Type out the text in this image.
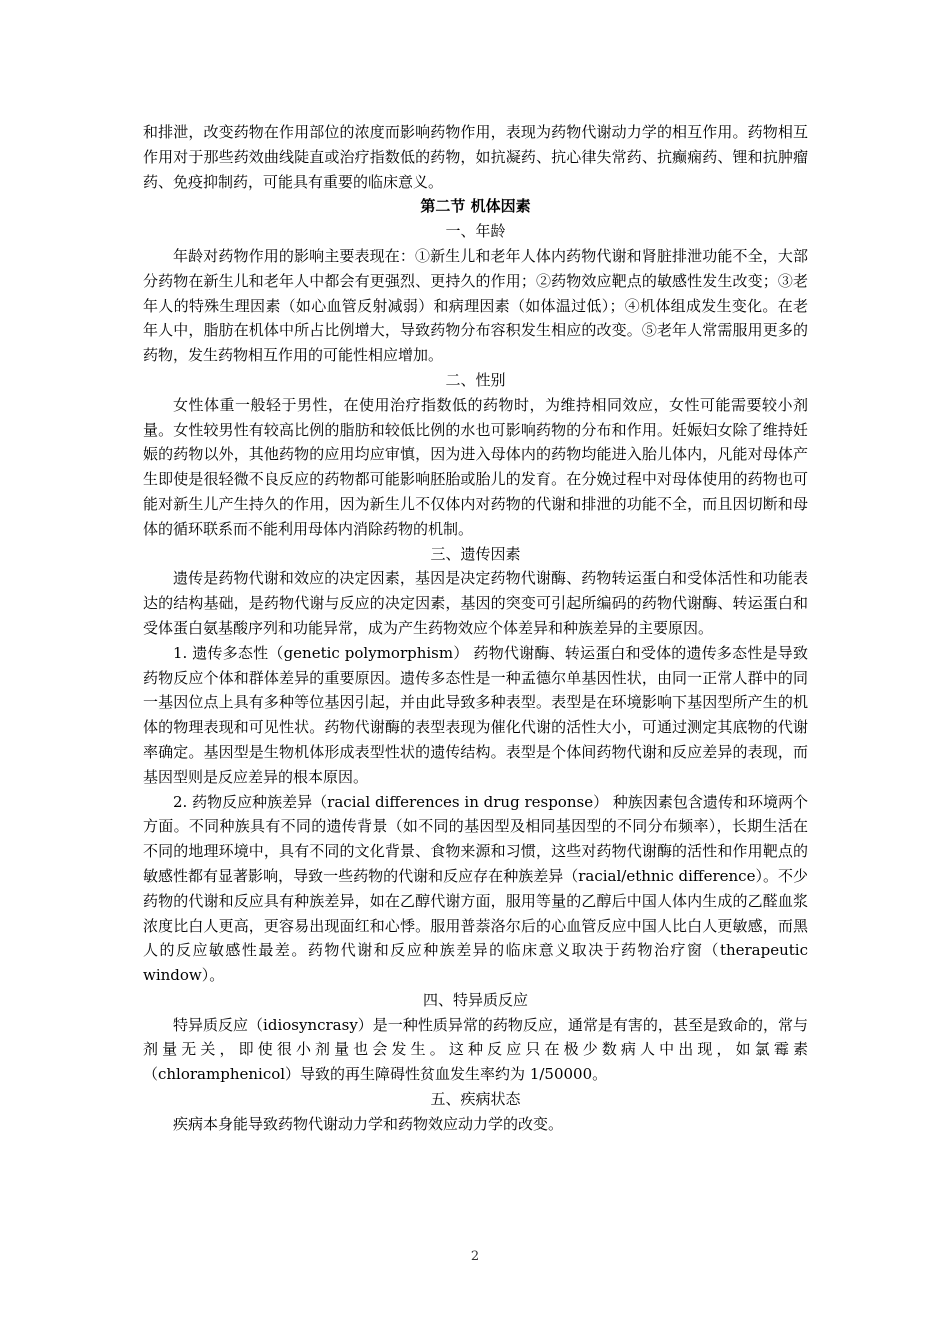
和排泄，改变药物在作用部位的浓度而影响药物作用，表现为药物代谢动力学的相互作用。药物相互作用对于那些药效曲线陡直或治疗指数低的药物，如抗凝药、抗心律失常药、抗癫痫药、锂和抗肿瘤药、免疫抑制药，可能具有重要的临床意义。

第二节 机体因素

一、年龄

年龄对药物作用的影响主要表现在：①新生儿和老年人体内药物代谢和肾脏排泄功能不全，大部分药物在新生儿和老年人中都会有更强烈、更持久的作用；②药物效应靶点的敏感性发生改变；③老年人的特殊生理因素（如心血管反射减弱）和病理因素（如体温过低）；④机体组成发生变化。在老年人中，脂肪在机体中所占比例增大，导致药物分布容积发生相应的改变。⑤老年人常需服用更多的药物，发生药物相互作用的可能性相应增加。

二、性别

女性体重一般轻于男性，在使用治疗指数低的药物时，为维持相同效应，女性可能需要较小剂量。女性较男性有较高比例的脂肪和较低比例的水也可影响药物的分布和作用。妊娠妇女除了维持妊娠的药物以外，其他药物的应用均应审慎，因为进入母体内的药物均能进入胎儿体内，凡能对母体产生即使是很轻微不良反应的药物都可能影响胚胎或胎儿的发育。在分娩过程中对母体使用的药物也可能对新生儿产生持久的作用，因为新生儿不仅体内对药物的代谢和排泄的功能不全，而且因切断和母体的循环联系而不能利用母体内消除药物的机制。

三、遗传因素

遗传是药物代谢和效应的决定因素，基因是决定药物代谢酶、药物转运蛋白和受体活性和功能表达的结构基础，是药物代谢与反应的决定因素，基因的突变可引起所编码的药物代谢酶、转运蛋白和受体蛋白氨基酸序列和功能异常，成为产生药物效应个体差异和种族差异的主要原因。

1. 遗传多态性（genetic polymorphism） 药物代谢酶、转运蛋白和受体的遗传多态性是导致药物反应个体和群体差异的重要原因。遗传多态性是一种孟德尔单基因性状，由同一正常人群中的同一基因位点上具有多种等位基因引起，并由此导致多种表型。表型是在环境影响下基因型所产生的机体的物理表现和可见性状。药物代谢酶的表型表现为催化代谢的活性大小，可通过测定其底物的代谢率确定。基因型是生物机体形成表型性状的遗传结构。表型是个体间药物代谢和反应差异的表现，而基因型则是反应差异的根本原因。

2. 药物反应种族差异（racial differences in drug response） 种族因素包含遗传和环境两个方面。不同种族具有不同的遗传背景（如不同的基因型及相同基因型的不同分布频率），长期生活在不同的地理环境中，具有不同的文化背景、食物来源和习惯，这些对药物代谢酶的活性和作用靶点的敏感性都有显著影响，导致一些药物的代谢和反应存在种族差异（racial/ethnic difference）。不少药物的代谢和反应具有种族差异，如在乙醇代谢方面，服用等量的乙醇后中国人体内生成的乙醛血浆浓度比白人更高，更容易出现面红和心悸。服用普萘洛尔后的心血管反应中国人比白人更敏感，而黑人的反应敏感性最差。药物代谢和反应种族差异的临床意义取决于药物治疗窗（therapeutic window）。

四、特异质反应

特异质反应（idiosyncrasy）是一种性质异常的药物反应，通常是有害的，甚至是致命的，常与剂量无关，即使很小剂量也会发生。这种反应只在极少数病人中出现，如氯霉素（chloramphenicol）导致的再生障碍性贫血发生率约为 1/50000。

五、疾病状态

疾病本身能导致药物代谢动力学和药物效应动力学的改变。

2
